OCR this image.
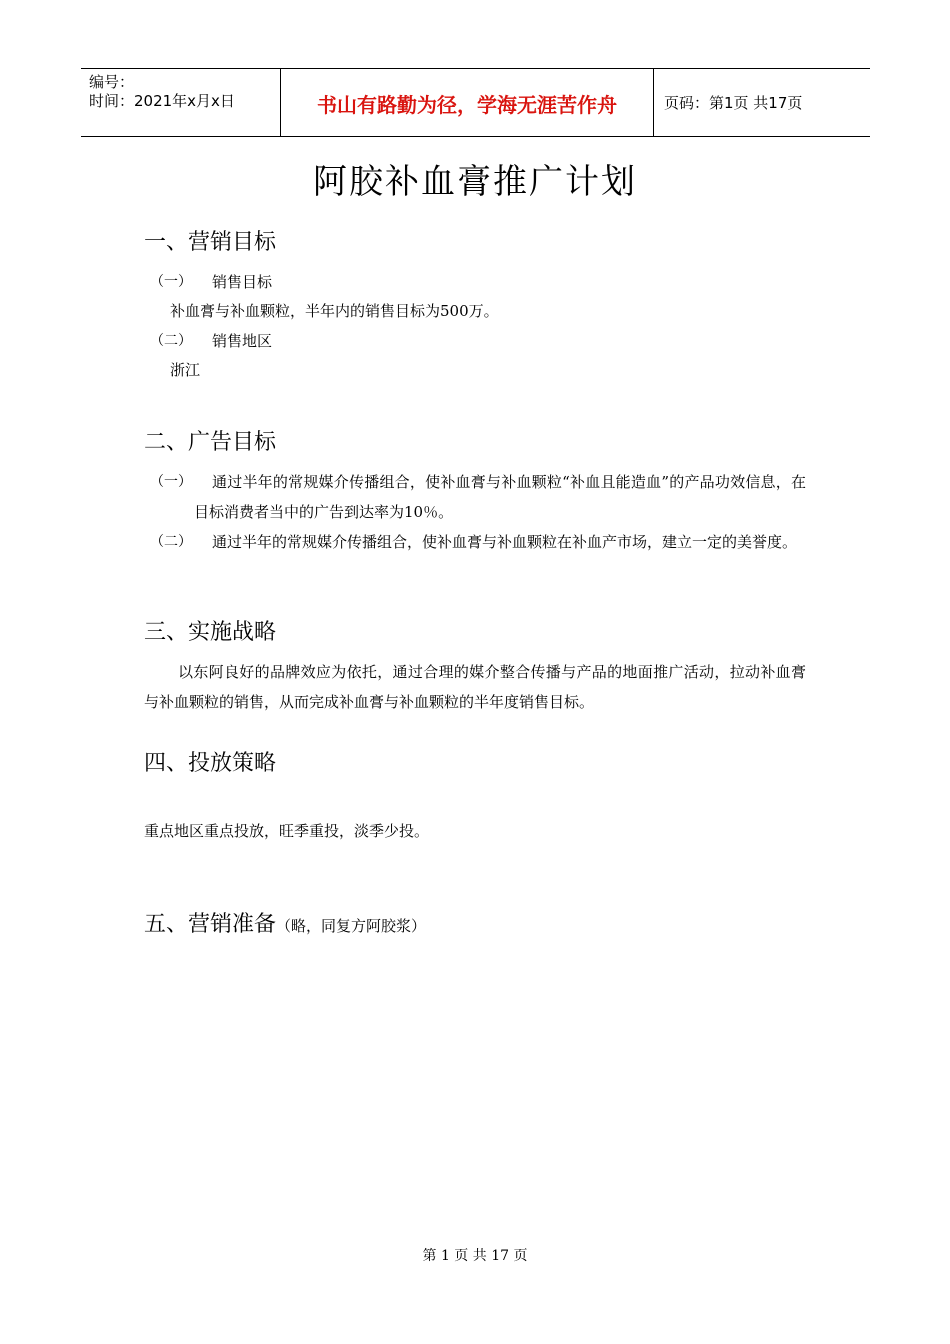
编号：
时间：2021年x月x日	书山有路勤为径，学海无涯苦作舟	页码：第1页 共17页
阿胶补血膏推广计划
一、营销目标
（一） 销售目标
补血膏与补血颗粒，半年内的销售目标为500万。
（二） 销售地区
浙江
二、广告目标
（一）	通过半年的常规媒介传播组合，使补血膏与补血颗粒“补血且能造血”的产品功效信息，在目标消费者当中的广告到达率为10％。
（二）	通过半年的常规媒介传播组合，使补血膏与补血颗粒在补血产市场，建立一定的美誉度。
三、实施战略
以东阿良好的品牌效应为依托，通过合理的媒介整合传播与产品的地面推广活动，拉动补血膏与补血颗粒的销售，从而完成补血膏与补血颗粒的半年度销售目标。
四、投放策略
重点地区重点投放，旺季重投，淡季少投。
五、营销准备（略，同复方阿胶浆）
第 1 页 共 17 页
